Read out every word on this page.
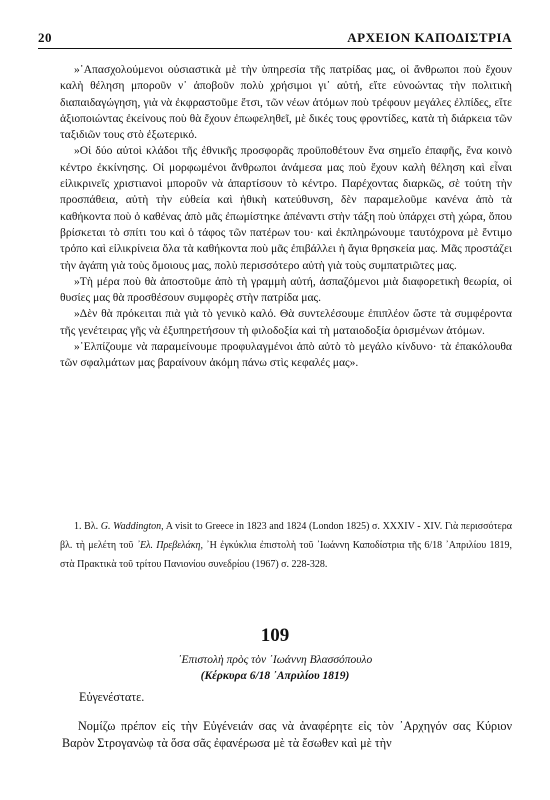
20	ΑΡΧΕΙΟΝ ΚΑΠΟΔΙΣΤΡΙΑ

»᾿Απασχολούμενοι οὐσιαστικὰ μὲ τὴν ὑπηρεσία τῆς πατρίδας μας, οἱ ἄνθρωποι ποὺ ἔχουν καλὴ θέληση μποροῦν ν᾿ ἀποβοῦν πολὺ χρήσιμοι γι᾿ αὐτή, εἴτε εὐνοώντας τὴν πολιτικὴ διαπαιδαγώγηση, γιὰ νὰ ἐκφραστοῦμε ἔτσι, τῶν νέων ἀτόμων ποὺ τρέφουν μεγάλες ἐλπίδες, εἴτε ἀξιοποιώντας ἐκείνους ποὺ θὰ ἔχουν ἐπωφεληθεῖ, μὲ δικές τους φροντίδες, κατὰ τὴ διάρκεια τῶν ταξιδιῶν τους στὸ ἐξωτερικό.

»Οἱ δύο αὐτοὶ κλάδοι τῆς ἐθνικῆς προσφορᾶς προϋποθέτουν ἕνα σημεῖο ἐπαφῆς, ἕνα κοινὸ κέντρο ἐκκίνησης. Οἱ μορφωμένοι ἄνθρωποι ἀνάμεσα μας ποὺ ἔχουν καλὴ θέληση καὶ εἶναι εἰλικρινεῖς χριστιανοὶ μποροῦν νὰ ἀπαρτίσουν τὸ κέντρο. Παρέχοντας διαρκῶς, σὲ τούτη τὴν προσπάθεια, αὐτὴ τὴν εὐθεία καὶ ἠθικὴ κατεύθυνση, δὲν παραμελοῦμε κανένα ἀπὸ τὰ καθήκοντα ποὺ ὁ καθένας ἀπὸ μᾶς ἐπωμίστηκε ἀπέναντι στὴν τάξη ποὺ ὑπάρχει στὴ χώρα, ὅπου βρίσκεται τὸ σπίτι του καὶ ὁ τάφος τῶν πατέρων του· καὶ ἐκπληρώνουμε ταυτόχρονα μὲ ἔντιμο τρόπο καὶ εἰλικρίνεια ὅλα τὰ καθήκοντα ποὺ μᾶς ἐπιβάλλει ἡ ἅγια θρησκεία μας. Μᾶς προστάζει τὴν ἀγάπη γιὰ τοὺς ὅμοιους μας, πολὺ περισσότερο αὐτὴ γιὰ τοὺς συμπατριῶτες μας.

»Τὴ μέρα ποὺ θὰ ἀποστοῦμε ἀπὸ τὴ γραμμὴ αὐτή, ἀσπαζόμενοι μιὰ διαφορετικὴ θεωρία, οἱ θυσίες μας θὰ προσθέσουν συμφορὲς στὴν πατρίδα μας.

»Δὲν θὰ πρόκειται πιὰ γιὰ τὸ γενικὸ καλό. Θὰ συντελέσουμε ἐπιπλέον ὥστε τὰ συμφέροντα τῆς γενέτειρας γῆς νὰ ἐξυπηρετήσουν τὴ φιλοδοξία καὶ τὴ ματαιοδοξία ὁρισμένων ἀτόμων.

»᾿Ελπίζουμε νὰ παραμείνουμε προφυλαγμένοι ἀπὸ αὐτὸ τὸ μεγάλο κίνδυνο· τὰ ἐπακόλουθα τῶν σφαλμάτων μας βαραίνουν ἀκόμη πάνω στὶς κεφαλές μας».

1. Βλ. G. Waddington, A visit to Greece in 1823 and 1824 (London 1825) σ. XXXIV - XIV. Γιὰ περισσότερα βλ. τὴ μελέτη τοῦ ᾿Ελ. Πρεβελάκη, ᾿Η ἐγκύκλια ἐπιστολὴ τοῦ ᾿Ιωάννη Καποδίστρια τῆς 6/18 ᾿Απριλίου 1819, στὰ Πρακτικὰ τοῦ τρίτου Πανιονίου συνεδρίου (1967) σ. 228-328.
109
᾿Επιστολὴ πρὸς τὸν ᾿Ιωάννη Βλασσόπουλο
(Κέρκυρα 6/18 ᾿Απριλίου 1819)
Εὐγενέστατε.

Νομίζω πρέπον εἰς τὴν Εὐγένειάν σας νὰ ἀναφέρητε εἰς τὸν ᾿Αρχηγόν σας Κύριον Βαρὸν Στρογανὼφ τὰ ὅσα σᾶς ἐφανέρωσα μὲ τὰ ἔσωθεν καὶ μὲ τὴν
